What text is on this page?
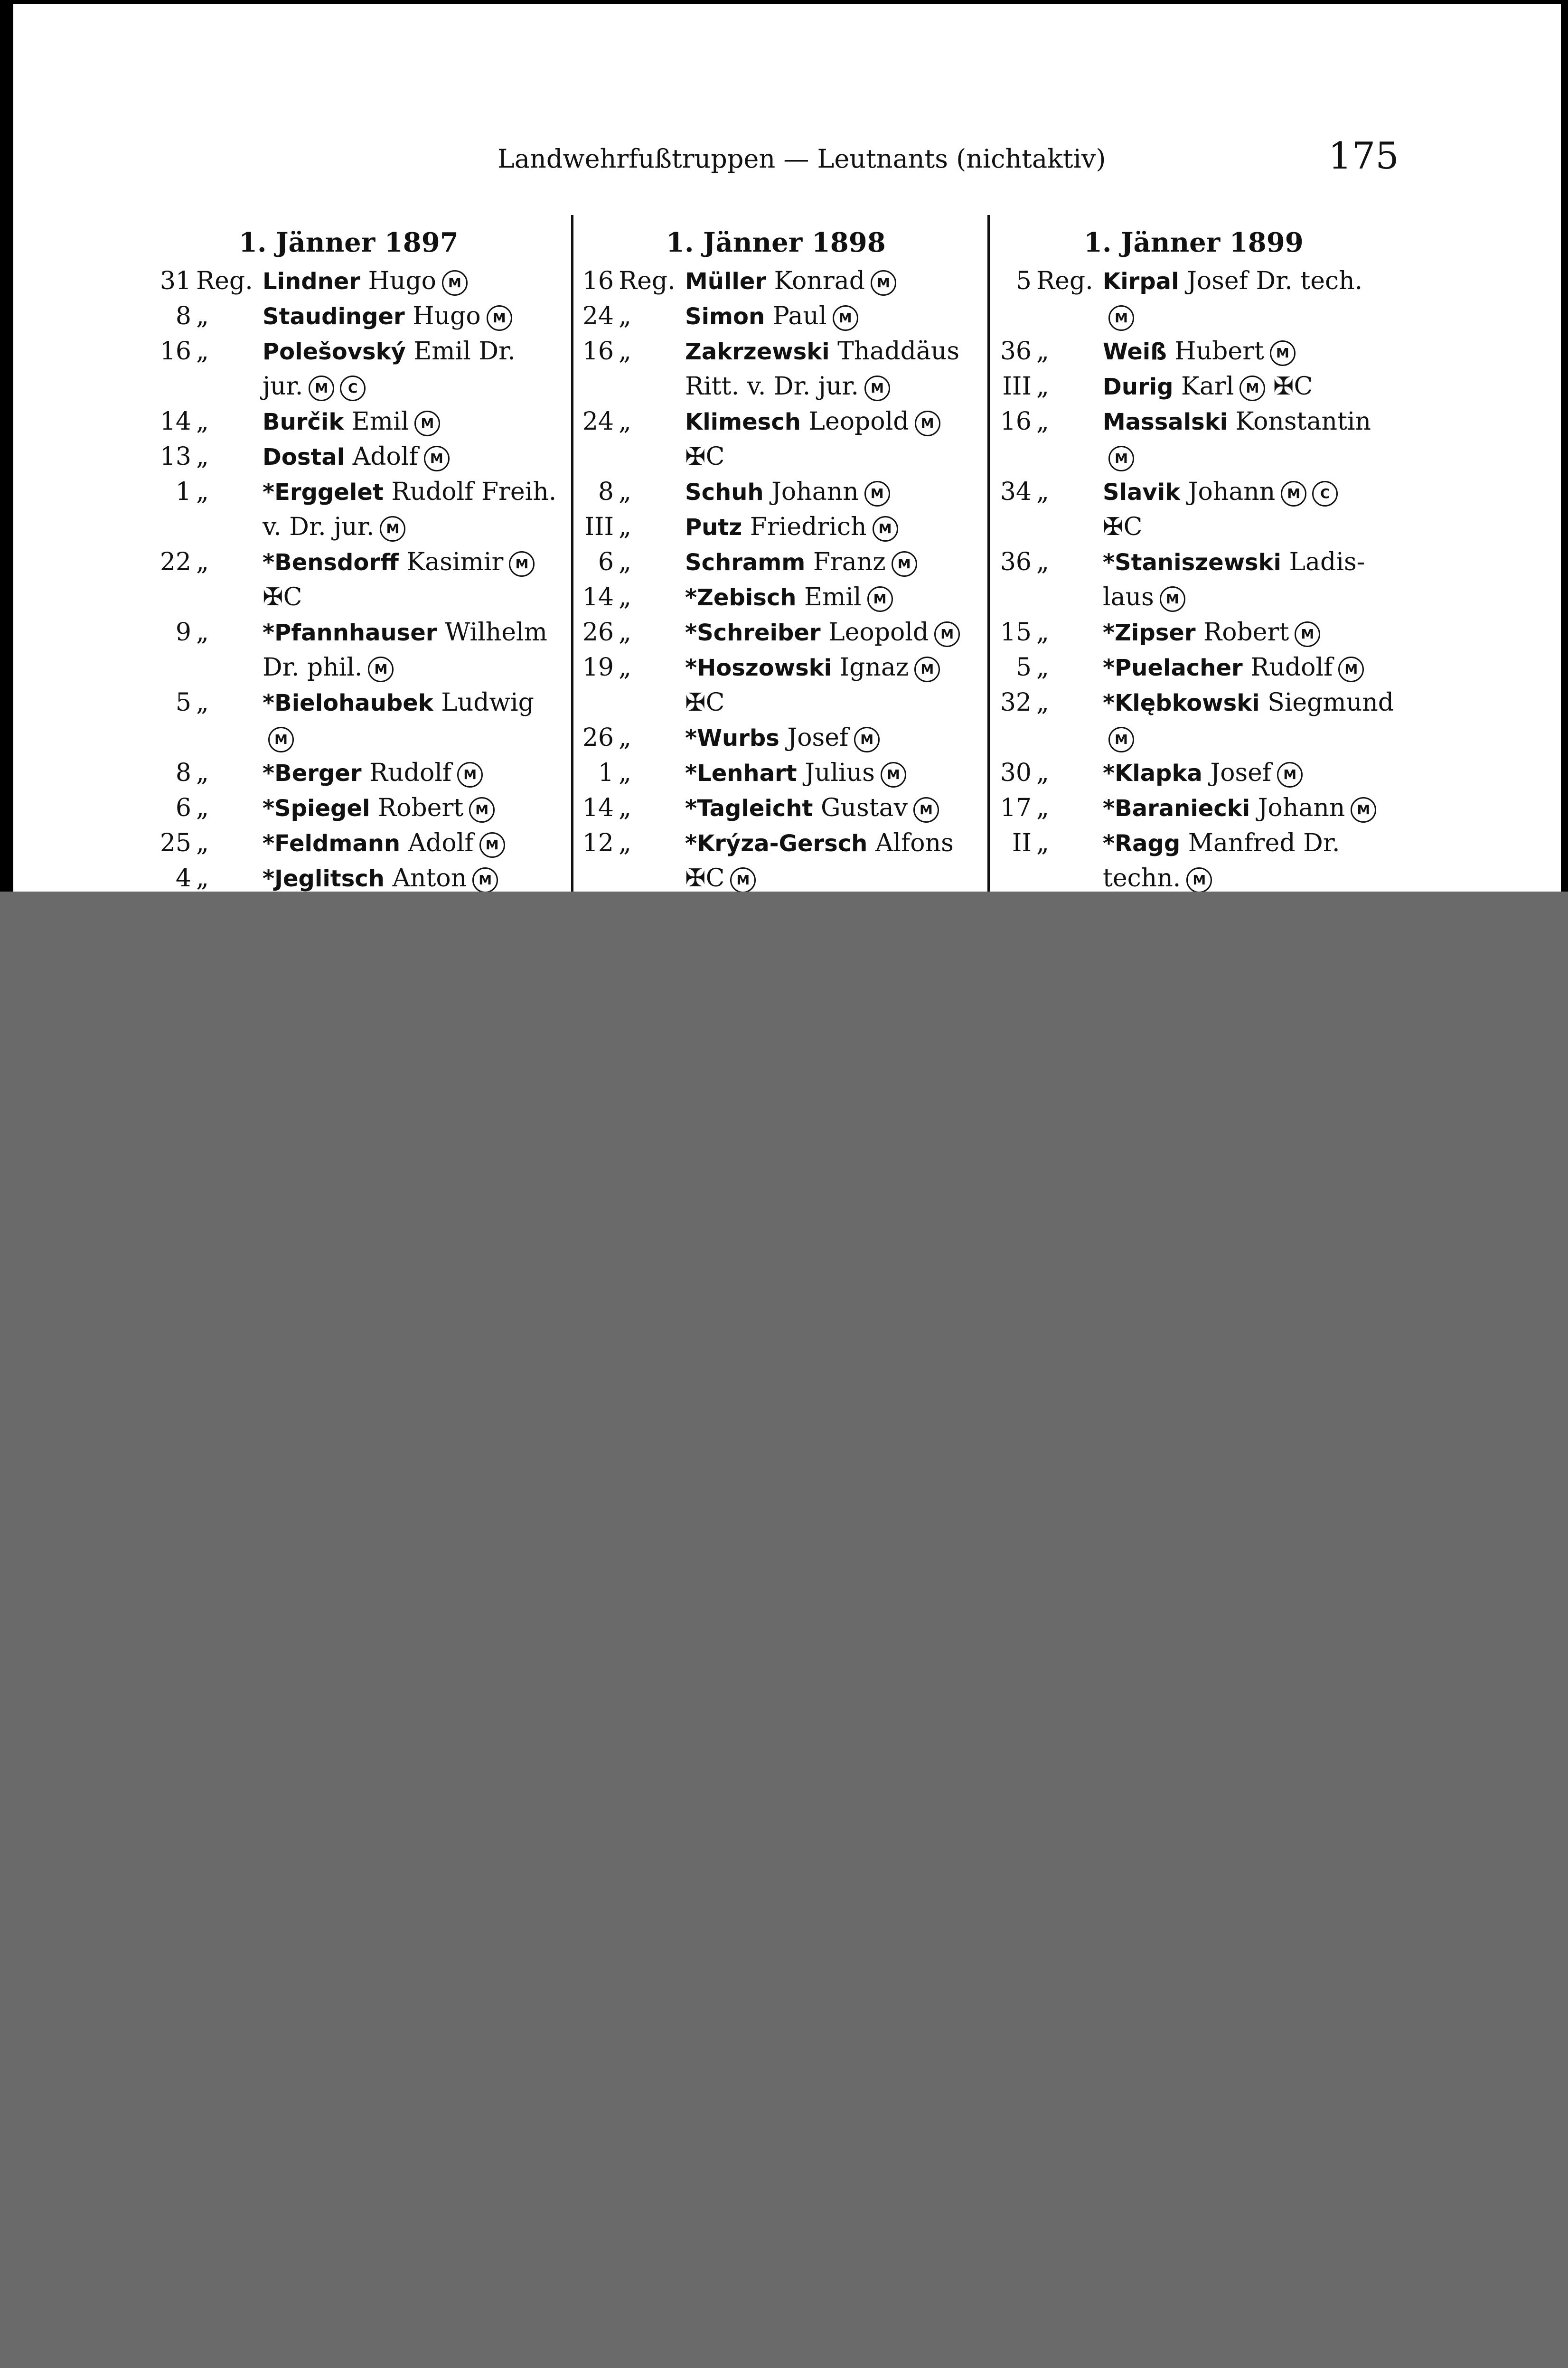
Landwehrfußtruppen — Leutnants (nichtaktiv)	175
1. Jänner 1897
31 Reg. Lindner Hugo M
8 „	Staudinger Hugo M
16 „	Polešovský Emil Dr.
jur. M C
14 „	Burčik Emil M
13 „	Dostal Adolf M
1 „	*Erggelet Rudolf Freih.
v. Dr. jur. M
22 „	*Bensdorff Kasimir M
✠C
9 „	*Pfannhauser Wilhelm
Dr. phil. M
5 „	*Bielohaubek Ludwig
M
8 „	*Berger Rudolf M
6 „	*Spiegel Robert M
25 „	*Feldmann Adolf M
4 „	*Jeglitsch Anton M
1. Jänner 1898
16 Reg. Müller Konrad M
24 „	Simon Paul M
16 „	Zakrzewski Thaddäus
Ritt. v. Dr. jur. M
24 „	Klimesch Leopold M
✠C
8 „	Schuh Johann M
III „	Putz Friedrich M
6 „	Schramm Franz M
14 „	*Zebisch Emil M
26 „	*Schreiber Leopold M
19 „	*Hoszowski Ignaz M
✠C
26 „	*Wurbs Josef M
1 „	*Lenhart Julius M
14 „	*Tagleicht Gustav M
12 „	*Krýza-Gersch Alfons
✠C M
1. Jänner 1899
5 Reg. Kirpal Josef Dr. tech.
M
36 „	Weiß Hubert M
III „	Durig Karl M ✠C
16 „	Massalski Konstantin
M
34 „	Slavik Johann M C
✠C
36 „	*Staniszewski Ladis-
laus M
15 „	*Zipser Robert M
5 „	*Puelacher Rudolf M
32 „	*Klębkowski Siegmund
M
30 „	*Klapka Josef M
17 „	*Baraniecki Johann M
II „	*Ragg Manfred Dr.
techn. M
